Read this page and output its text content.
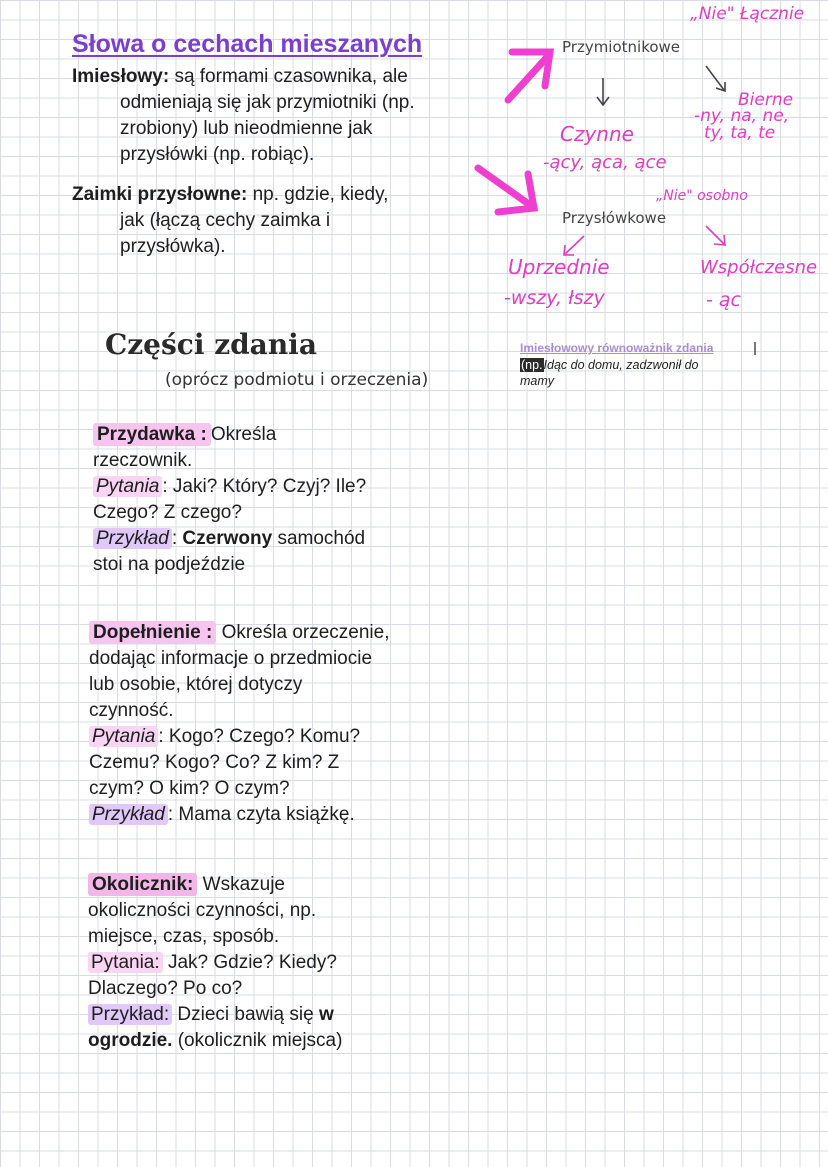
Słowa o cechach mieszanych
Imiesłowy: są formami czasownika, ale
odmieniają się jak przymiotniki (np.
zrobiony) lub nieodmienne jak
przysłówki (np. robiąc).
Zaimki przysłowne: np. gdzie, kiedy,
jak (łączą cechy zaimka i
przysłówka).
„Nie" Łącznie
Przymiotnikowe
Bierne
-ny, na, ne,
ty, ta, te
Czynne
-ący, ąca, ące
„Nie" osobno
Przysłówkowe
Uprzednie	Współczesne
-wszy, łszy	- ąc
Imiesłowowy równoważnik zdania
(np.Idąc do domu, zadzwonił do
mamy
Części zdania
(oprócz podmiotu i orzeczenia)
Przydawka : Określa
rzeczownik.
Pytania : Jaki? Który? Czyj? Ile?
Czego? Z czego?
Przykład : Czerwony samochód
stoi na podjeździe
Dopełnienie : Określa orzeczenie,
dodając informacje o przedmiocie
lub osobie, której dotyczy
czynność.
Pytania : Kogo? Czego? Komu?
Czemu? Kogo? Co? Z kim? Z
czym? O kim? O czym?
Przykład : Mama czyta książkę.
Okolicznik: Wskazuje
okoliczności czynności, np.
miejsce, czas, sposób.
Pytania: Jak? Gdzie? Kiedy?
Dlaczego? Po co?
Przykład: Dzieci bawią się w
ogrodzie. (okolicznik miejsca)
